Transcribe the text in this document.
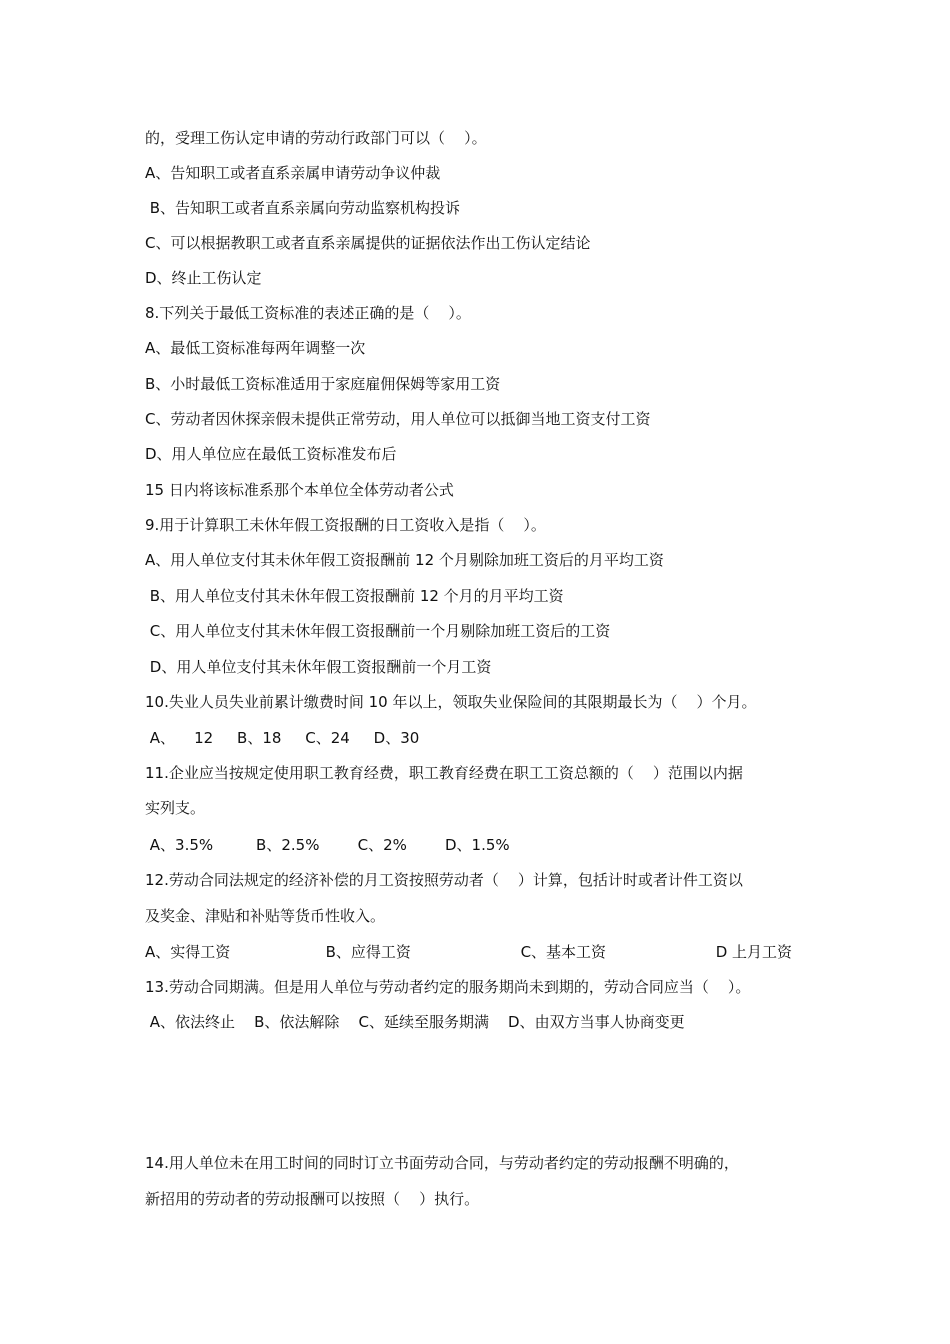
的，受理工伤认定申请的劳动行政部门可以（    ）。
A、告知职工或者直系亲属申请劳动争议仲裁
B、告知职工或者直系亲属向劳动监察机构投诉
C、可以根据教职工或者直系亲属提供的证据依法作出工伤认定结论
D、终止工伤认定
8.下列关于最低工资标准的表述正确的是（    ）。
A、最低工资标准每两年调整一次
B、小时最低工资标准适用于家庭雇佣保姆等家用工资
C、劳动者因休探亲假未提供正常劳动，用人单位可以抵御当地工资支付工资
D、用人单位应在最低工资标准发布后
15 日内将该标准系那个本单位全体劳动者公式
9.用于计算职工未休年假工资报酬的日工资收入是指（    ）。
A、用人单位支付其未休年假工资报酬前 12 个月剔除加班工资后的月平均工资
B、用人单位支付其未休年假工资报酬前 12 个月的月平均工资
C、用人单位支付其未休年假工资报酬前一个月剔除加班工资后的工资
D、用人单位支付其未休年假工资报酬前一个月工资
10.失业人员失业前累计缴费时间 10 年以上，领取失业保险间的其限期最长为（    ）个月。
A、    12     B、18     C、24     D、30
11.企业应当按规定使用职工教育经费，职工教育经费在职工工资总额的（    ）范围以内据
实列支。
A、3.5%         B、2.5%        C、2%        D、1.5%
12.劳动合同法规定的经济补偿的月工资按照劳动者（    ）计算，包括计时或者计件工资以
及奖金、津贴和补贴等货币性收入。
A、实得工资                    B、应得工资                       C、基本工资                       D 上月工资
13.劳动合同期满。但是用人单位与劳动者约定的服务期尚未到期的，劳动合同应当（    ）。
A、依法终止    B、依法解除    C、延续至服务期满    D、由双方当事人协商变更
14.用人单位未在用工时间的同时订立书面劳动合同，与劳动者约定的劳动报酬不明确的，
新招用的劳动者的劳动报酬可以按照（    ）执行。
